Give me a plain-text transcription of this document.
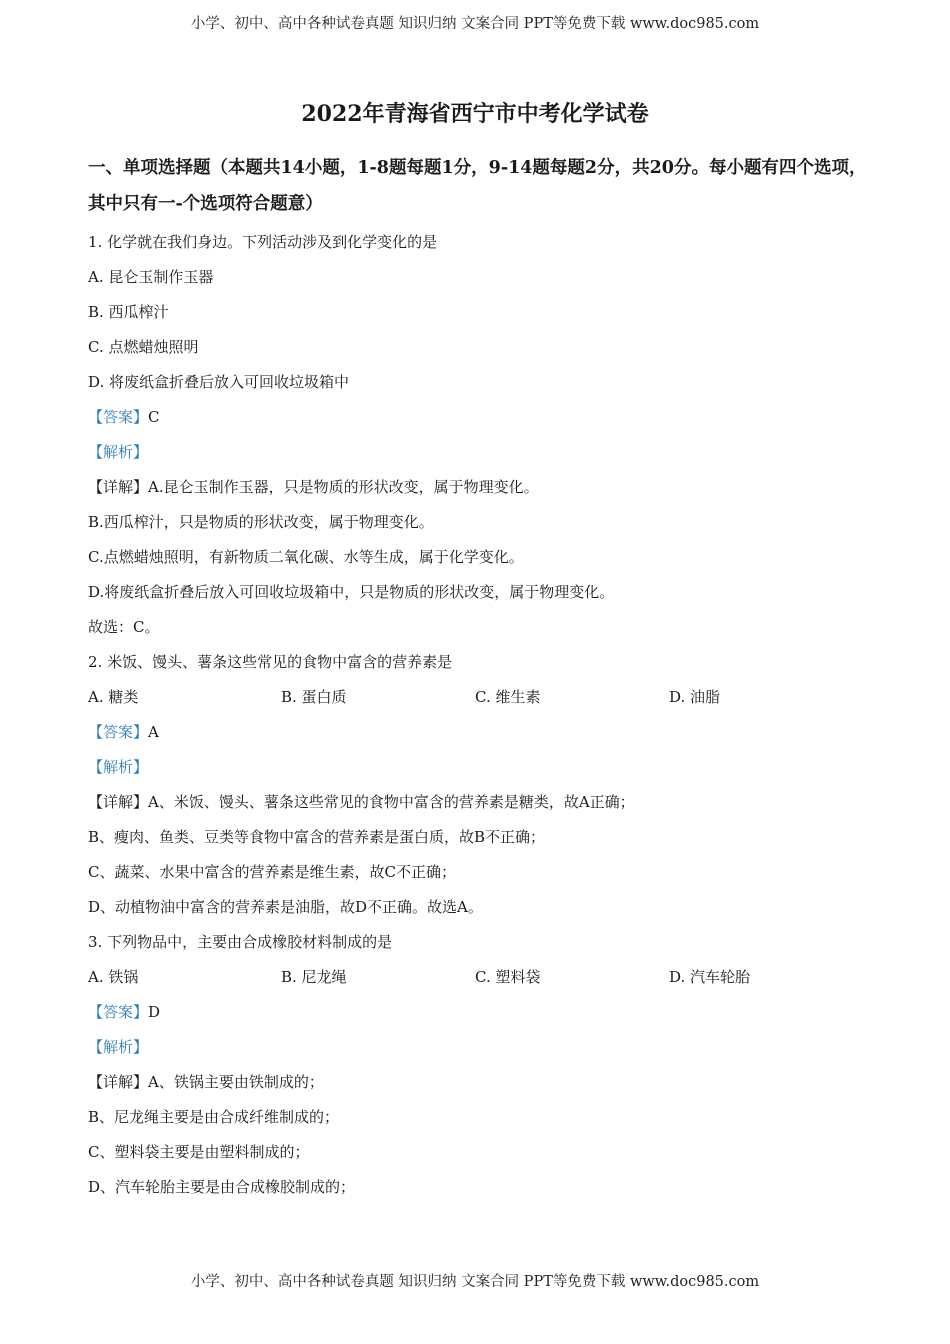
小学、初中、高中各种试卷真题 知识归纳 文案合同 PPT等免费下载 www.doc985.com
2022年青海省西宁市中考化学试卷

一、单项选择题（本题共14小题，1-8题每题1分，9-14题每题2分，共20分。每小题有四个选项，其中只有一-个选项符合题意）

1. 化学就在我们身边。下列活动涉及到化学变化的是
A. 昆仑玉制作玉器
B. 西瓜榨汁
C. 点燃蜡烛照明
D. 将废纸盒折叠后放入可回收垃圾箱中
【答案】C
【解析】
【详解】A.昆仑玉制作玉器，只是物质的形状改变，属于物理变化。
B.西瓜榨汁，只是物质的形状改变，属于物理变化。
C.点燃蜡烛照明，有新物质二氧化碳、水等生成，属于化学变化。
D.将废纸盒折叠后放入可回收垃圾箱中，只是物质的形状改变，属于物理变化。
故选：C。
2. 米饭、馒头、薯条这些常见的食物中富含的营养素是
A. 糖类	B. 蛋白质	C. 维生素	D. 油脂
【答案】A
【解析】
【详解】A、米饭、馒头、薯条这些常见的食物中富含的营养素是糖类，故A正确；
B、瘦肉、鱼类、豆类等食物中富含的营养素是蛋白质，故B不正确；
C、蔬菜、水果中富含的营养素是维生素，故C不正确；
D、动植物油中富含的营养素是油脂，故D不正确。故选A。
3. 下列物品中，主要由合成橡胶材料制成的是
A. 铁锅	B. 尼龙绳	C. 塑料袋	D. 汽车轮胎
【答案】D
【解析】
【详解】A、铁锅主要由铁制成的；
B、尼龙绳主要是由合成纤维制成的；
C、塑料袋主要是由塑料制成的；
D、汽车轮胎主要是由合成橡胶制成的；
小学、初中、高中各种试卷真题 知识归纳 文案合同 PPT等免费下载 www.doc985.com
